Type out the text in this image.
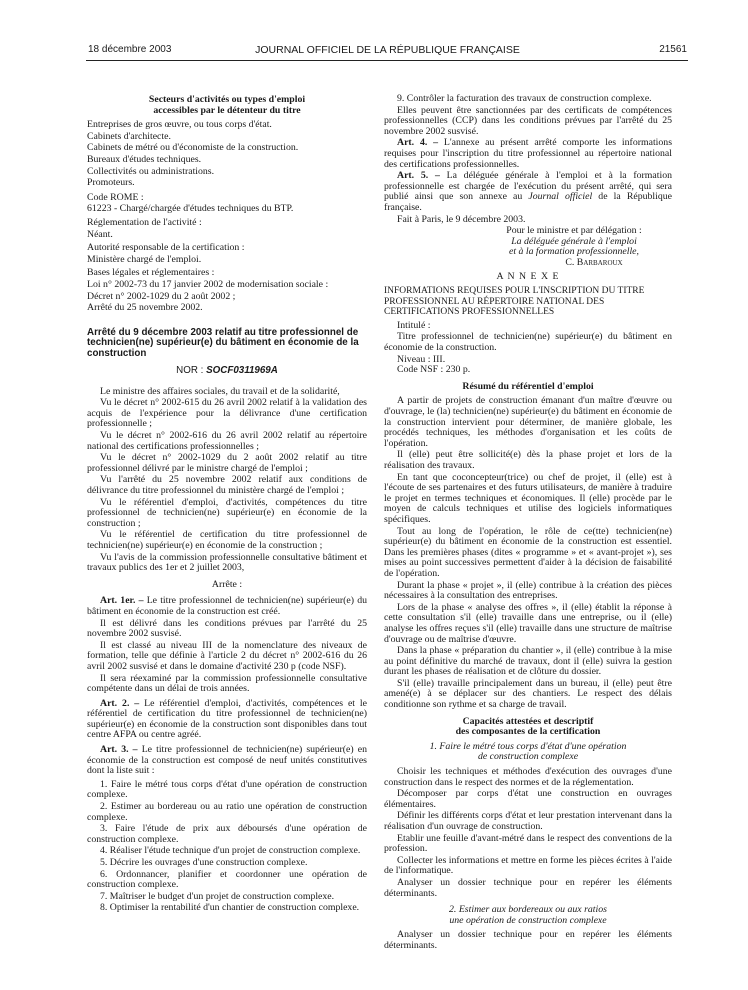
18 décembre 2003	JOURNAL OFFICIEL DE LA RÉPUBLIQUE FRANÇAISE	21561

Secteurs d'activités ou types d'emploi

accessibles par le détenteur du titre

Entreprises de gros œuvre, ou tous corps d'état.

Cabinets d'architecte.

Cabinets de métré ou d'économiste de la construction.

Bureaux d'études techniques.

Collectivités ou administrations.

Promoteurs.

Code ROME :

61223 - Chargé/chargée d'études techniques du BTP.

Réglementation de l'activité :

Néant.

Autorité responsable de la certification :

Ministère chargé de l'emploi.

Bases légales et réglementaires :

Loi n° 2002-73 du 17 janvier 2002 de modernisation sociale :

Décret n° 2002-1029 du 2 août 2002 ;

Arrêté du 25 novembre 2002.

Arrêté du 9 décembre 2003 relatif au titre professionnel de technicien(ne) supérieur(e) du bâtiment en économie de la construction

NOR : SOCF0311969A

Le ministre des affaires sociales, du travail et de la solidarité,

Vu le décret n° 2002-615 du 26 avril 2002 relatif à la validation des acquis de l'expérience pour la délivrance d'une certification professionnelle ;

Vu le décret n° 2002-616 du 26 avril 2002 relatif au répertoire national des certifications professionnelles ;

Vu le décret n° 2002-1029 du 2 août 2002 relatif au titre professionnel délivré par le ministre chargé de l'emploi ;

Vu l'arrêté du 25 novembre 2002 relatif aux conditions de délivrance du titre professionnel du ministère chargé de l'emploi ;

Vu le référentiel d'emploi, d'activités, compétences du titre professionnel de technicien(ne) supérieur(e) en économie de la construction ;

Vu le référentiel de certification du titre professionnel de technicien(ne) supérieur(e) en économie de la construction ;

Vu l'avis de la commission professionnelle consultative bâtiment et travaux publics des 1er et 2 juillet 2003,

Arrête :

Art. 1er. – Le titre professionnel de technicien(ne) supérieur(e) du bâtiment en économie de la construction est créé.

Il est délivré dans les conditions prévues par l'arrêté du 25 novembre 2002 susvisé.

Il est classé au niveau III de la nomenclature des niveaux de formation, telle que définie à l'article 2 du décret n° 2002-616 du 26 avril 2002 susvisé et dans le domaine d'activité 230 p (code NSF).

Il sera réexaminé par la commission professionnelle consultative compétente dans un délai de trois années.

Art. 2. – Le référentiel d'emploi, d'activités, compétences et le référentiel de certification du titre professionnel de technicien(ne) supérieur(e) en économie de la construction sont disponibles dans tout centre AFPA ou centre agréé.

Art. 3. – Le titre professionnel de technicien(ne) supérieur(e) en économie de la construction est composé de neuf unités constitutives dont la liste suit :

1. Faire le métré tous corps d'état d'une opération de construction complexe.

2. Estimer au bordereau ou au ratio une opération de construction complexe.

3. Faire l'étude de prix aux déboursés d'une opération de construction complexe.

4. Réaliser l'étude technique d'un projet de construction complexe.

5. Décrire les ouvrages d'une construction complexe.

6. Ordonnancer, planifier et coordonner une opération de construction complexe.

7. Maîtriser le budget d'un projet de construction complexe.

8. Optimiser la rentabilité d'un chantier de construction complexe.

9. Contrôler la facturation des travaux de construction complexe.

Elles peuvent être sanctionnées par des certificats de compétences professionnelles (CCP) dans les conditions prévues par l'arrêté du 25 novembre 2002 susvisé.

Art. 4. – L'annexe au présent arrêté comporte les informations requises pour l'inscription du titre professionnel au répertoire national des certifications professionnelles.

Art. 5. – La déléguée générale à l'emploi et à la formation professionnelle est chargée de l'exécution du présent arrêté, qui sera publié ainsi que son annexe au Journal officiel de la République française.

Fait à Paris, le 9 décembre 2003.

Pour le ministre et par délégation :

La déléguée générale à l'emploi

et à la formation professionnelle,

C. Barbaroux

A N N E X E

INFORMATIONS REQUISES POUR L'INSCRIPTION DU TITRE PROFESSIONNEL AU RÉPERTOIRE NATIONAL DES CERTIFICATIONS PROFESSIONNELLES

Intitulé :

Titre professionnel de technicien(ne) supérieur(e) du bâtiment en économie de la construction.

Niveau : III.

Code NSF : 230 p.

Résumé du référentiel d'emploi

A partir de projets de construction émanant d'un maître d'œuvre ou d'ouvrage, le (la) technicien(ne) supérieur(e) du bâtiment en économie de la construction intervient pour déterminer, de manière globale, les procédés techniques, les méthodes d'organisation et les coûts de l'opération.

Il (elle) peut être sollicité(e) dès la phase projet et lors de la réalisation des travaux.

En tant que coconcepteur(trice) ou chef de projet, il (elle) est à l'écoute de ses partenaires et des futurs utilisateurs, de manière à traduire le projet en termes techniques et économiques. Il (elle) procède par le moyen de calculs techniques et utilise des logiciels informatiques spécifiques.

Tout au long de l'opération, le rôle de ce(tte) technicien(ne) supérieur(e) du bâtiment en économie de la construction est essentiel. Dans les premières phases (dites « programme » et « avant-projet »), ses mises au point successives permettent d'aider à la décision de faisabilité de l'opération.

Durant la phase « projet », il (elle) contribue à la création des pièces nécessaires à la consultation des entreprises.

Lors de la phase « analyse des offres », il (elle) établit la réponse à cette consultation s'il (elle) travaille dans une entreprise, ou il (elle) analyse les offres reçues s'il (elle) travaille dans une structure de maîtrise d'ouvrage ou de maîtrise d'œuvre.

Dans la phase « préparation du chantier », il (elle) contribue à la mise au point définitive du marché de travaux, dont il (elle) suivra la gestion durant les phases de réalisation et de clôture du dossier.

S'il (elle) travaille principalement dans un bureau, il (elle) peut être amené(e) à se déplacer sur des chantiers. Le respect des délais conditionne son rythme et sa charge de travail.

Capacités attestées et descriptif

des composantes de la certification

1. Faire le métré tous corps d'état d'une opération

de construction complexe

Choisir les techniques et méthodes d'exécution des ouvrages d'une construction dans le respect des normes et de la réglementation.

Décomposer par corps d'état une construction en ouvrages élémentaires.

Définir les différents corps d'état et leur prestation intervenant dans la réalisation d'un ouvrage de construction.

Etablir une feuille d'avant-métré dans le respect des conventions de la profession.

Collecter les informations et mettre en forme les pièces écrites à l'aide de l'informatique.

Analyser un dossier technique pour en repérer les éléments déterminants.

2. Estimer aux bordereaux ou aux ratios

une opération de construction complexe

Analyser un dossier technique pour en repérer les éléments déterminants.
